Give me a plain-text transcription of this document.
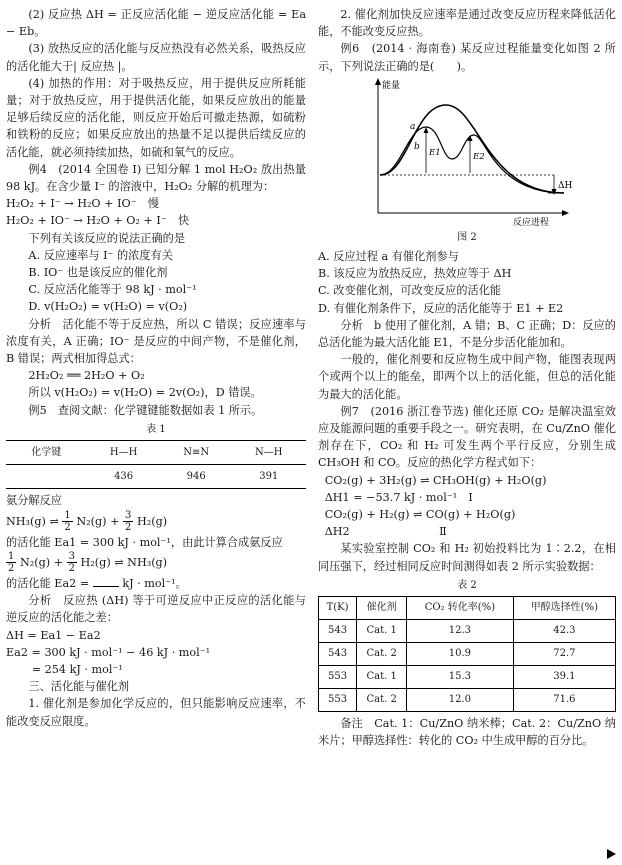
(2) 反应热 ΔH = 正反应活化能 − 逆反应活化能 = Ea − Eb。

(3) 放热反应的活化能与反应热没有必然关系，吸热反应的活化能大于| 反应热 |。

(4) 加热的作用：对于吸热反应，用于提供反应所耗能量；对于放热反应，用于提供活化能，如果反应放出的能量足够后续反应的活化能，则反应开始后可撤走热源，如硫粉和铁粉的反应；如果反应放出的热量不足以提供后续反应的活化能，就必须持续加热，如硫和氧气的反应。

例4　(2014 全国卷 Ⅰ) 已知分解 1 mol H₂O₂ 放出热量 98 kJ。在含少量 I⁻ 的溶液中，H₂O₂ 分解的机理为：

H₂O₂ + I⁻ → H₂O + IO⁻　慢

H₂O₂ + IO⁻ → H₂O + O₂ + I⁻　快

下列有关该反应的说法正确的是

A. 反应速率与 I⁻ 的浓度有关

B. IO⁻ 也是该反应的催化剂

C. 反应活化能等于 98 kJ · mol⁻¹

D. v(H₂O₂) = v(H₂O) = v(O₂)

分析　活化能不等于反应热，所以 C 错误；反应速率与浓度有关，A 正确；IO⁻ 是反应的中间产物，不是催化剂，B 错误；两式相加得总式：

2H₂O₂ ══ 2H₂O + O₂

所以 v(H₂O₂) = v(H₂O) = 2v(O₂)，D 错误。

例5　查阅文献：化学键键能数据如表 1 所示。

表 1
化学键	H—H	N≡N	N—H
	436	946	391

氨分解反应

NH₃(g) ⇌ $\frac{1}{2} N_2(g) + \frac{3}{2} H_2(g)$

的活化能 Ea1 = 300 kJ · mol⁻¹，由此计算合成氨反应

$\frac{1}{2} N_2(g) + \frac{3}{2} H_2(g)$ ⇌ NH₃(g)

的活化能 Ea2 =	kJ · mol⁻¹。

分析　反应热 (ΔH) 等于可逆反应中正反应的活化能与逆反应的活化能之差：

ΔH = Ea1 − Ea2

Ea2 = 300 kJ · mol⁻¹ − 46 kJ · mol⁻¹

= 254 kJ · mol⁻¹

三、活化能与催化剂

1. 催化剂是参加化学反应的，但只能影响反应速率，不能改变反应限度。

2. 催化剂加快反应速率是通过改变反应历程来降低活化能，不能改变反应热。

例6　(2014 · 海南卷) 某反应过程能量变化如图 2 所示，下列说法正确的是(　　)。

能量
反应进程
a
b
E1	E2
ΔH
图 2

A. 反应过程 a 有催化剂参与

B. 该反应为放热反应，热效应等于 ΔH

C. 改变催化剂，可改变反应的活化能

D. 有催化剂条件下，反应的活化能等于 E1 + E2

分析　b 使用了催化剂，A 错；B、C 正确；D：反应的总活化能为最大活化能 E1，不是分步活化能加和。

一般的，催化剂要和反应物生成中间产物，能图表现两个或两个以上的能垒，即两个以上的活化能，但总的活化能为最大的活化能。

例7　(2016 浙江卷节选) 催化还原 CO₂ 是解决温室效应及能源问题的重要手段之一。研究表明，在 Cu/ZnO 催化剂存在下，CO₂ 和 H₂ 可发生两个平行反应，分别生成 CH₃OH 和 CO。反应的热化学方程式如下：

CO₂(g) + 3H₂(g) ⇌ CH₃OH(g) + H₂O(g)

ΔH1 = −53.7 kJ · mol⁻¹　Ⅰ

CO₂(g) + H₂(g) ⇌ CO(g) + H₂O(g)

ΔH2　　　　　　　　Ⅱ

某实验室控制 CO₂ 和 H₂ 初始投料比为 1∶2.2，在相同压强下，经过相同反应时间测得如表 2 所示实验数据：

表 2
T(K)	催化剂	CO₂ 转化率(%)	甲醇选择性(%)
543	Cat. 1	12.3	42.3
543	Cat. 2	10.9	72.7
553	Cat. 1	15.3	39.1
553	Cat. 2	12.0	71.6

备注　Cat. 1：Cu/ZnO 纳米棒；Cat. 2：Cu/ZnO 纳米片；甲醇选择性：转化的 CO₂ 中生成甲醇的百分比。
